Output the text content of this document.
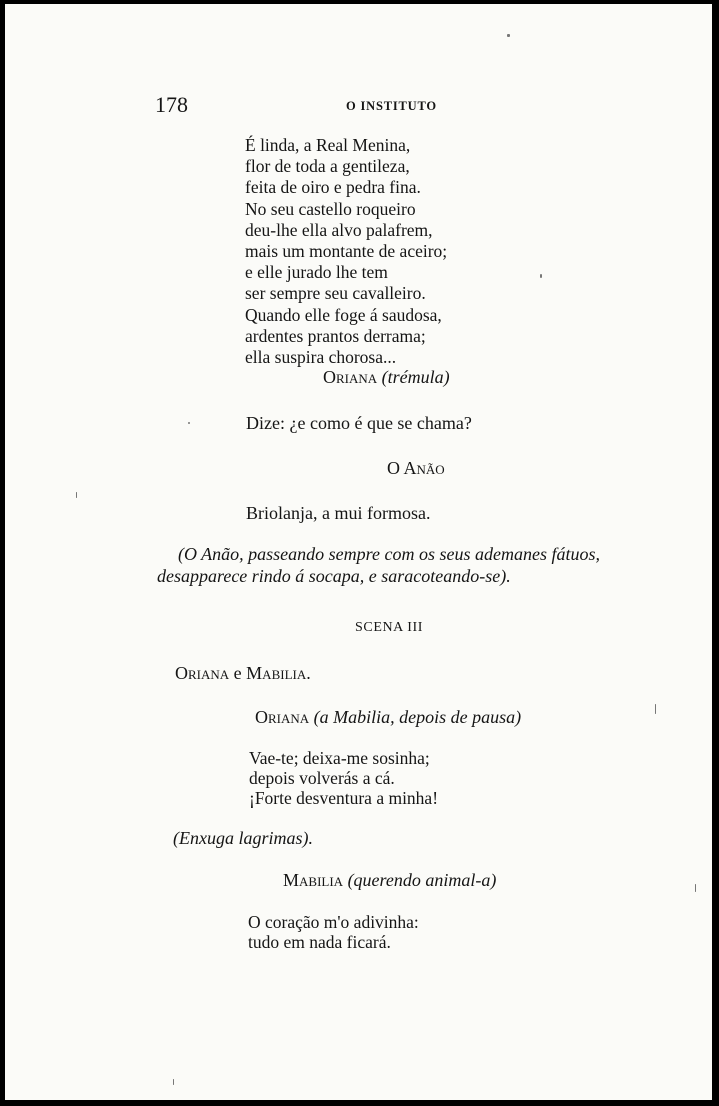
178	O INSTITUTO
É linda, a Real Menina,
flor de toda a gentileza,
feita de oiro e pedra fina.
No seu castello roqueiro
deu-lhe ella alvo palafrem,
mais um montante de aceiro;
e elle jurado lhe tem
ser sempre seu cavalleiro.
Quando elle foge á saudosa,
ardentes prantos derrama;
ella suspira chorosa...
Oriana (trémula)
Dize: ¿e como é que se chama?
O Anão
Briolanja, a mui formosa.
(O Anão, passeando sempre com os seus ademanes fátuos,
desapparece rindo á socapa, e saracoteando-se).
SCENA III
Oriana e Mabilia.
Oriana (a Mabilia, depois de pausa)
Vae-te; deixa-me sosinha;
depois volverás a cá.
¡Forte desventura a minha!
(Enxuga lagrimas).
Mabilia (querendo animal-a)
O coração m'o adivinha:
tudo em nada ficará.
